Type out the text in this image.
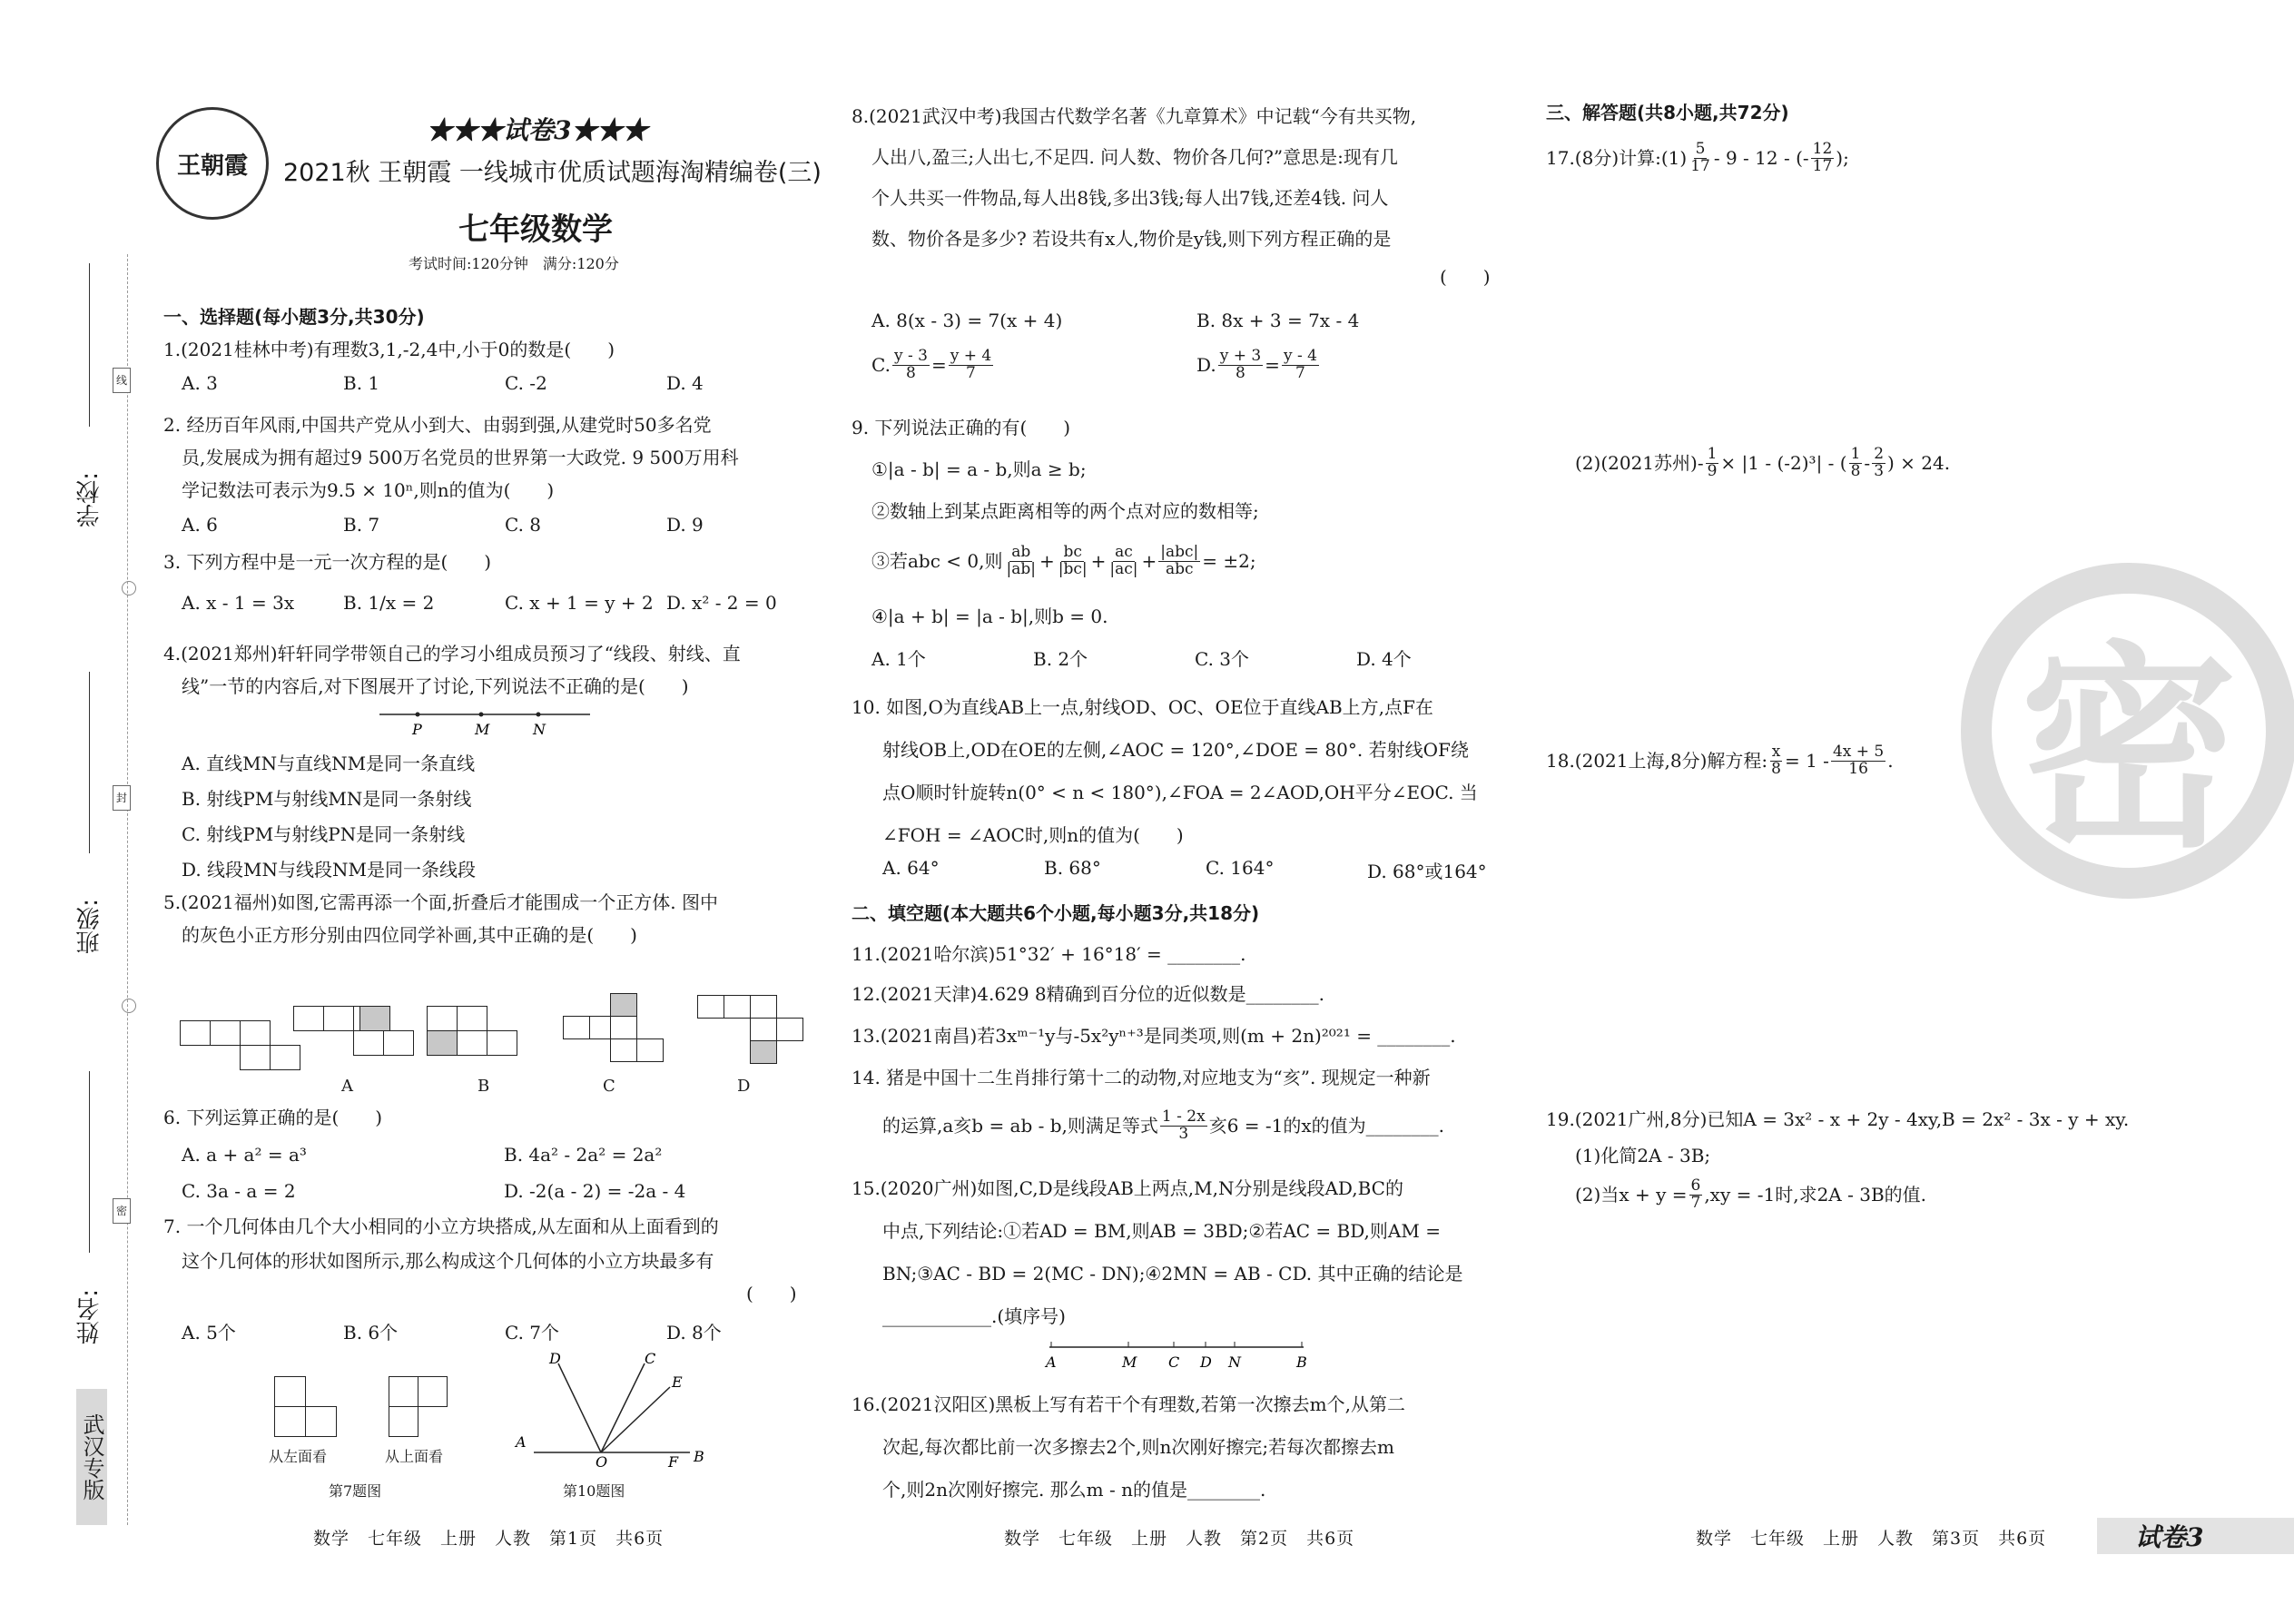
学校:
班级:
姓名:
线
封
密
武汉专版
王朝霞
★★★试卷3★★★
2021秋 王朝霞 一线城市优质试题海淘精编卷(三)
七年级数学
考试时间:120分钟　满分:120分
一、选择题(每小题3分,共30分)
1.(2021桂林中考)有理数3,1,-2,4中,小于0的数是(　　)
A. 3	B. 1	C. -2	D. 4

2. 经历百年风雨,中国共产党从小到大、由弱到强,从建党时50多名党

员,发展成为拥有超过9 500万名党员的世界第一大政党. 9 500万用科

学记数法可表示为9.5 × 10ⁿ,则n的值为(　　)

A. 6	B. 7	C. 8	D. 9
3. 下列方程中是一元一次方程的是(　　)
A. x - 1 = 3x	B. 1/x = 2	C. x + 1 = y + 2 D. x² - 2 = 0

4.(2021郑州)轩轩同学带领自己的学习小组成员预习了“线段、射线、直

线”一节的内容后,对下图展开了讨论,下列说法不正确的是(　　)

P	M	N

A. 直线MN与直线NM是同一条直线

B. 射线PM与射线MN是同一条射线

C. 射线PM与射线PN是同一条射线

D. 线段MN与线段NM是同一条线段

5.(2021福州)如图,它需再添一个面,折叠后才能围成一个正方体. 图中

的灰色小正方形分别由四位同学补画,其中正确的是(　　)

A	B	C	D
6. 下列运算正确的是(　　)

A. a + a² = a³	B. 4a² - 2a² = 2a²

C. 3a - a = 2	D. -2(a - 2) = -2a - 4

7. 一个几何体由几个大小相同的小立方块搭成,从左面和从上面看到的

这个几何体的形状如图所示,那么构成这个几何体的小立方块最多有

(　　)
A. 5个	B. 6个	C. 7个	D. 8个
从左面看	从上面看
第7题图
D	C
E
A
O	F B
第10题图
数学　七年级　上册　人教　第1页　共6页

8.(2021武汉中考)我国古代数学名著《九章算术》中记载“今有共买物,

人出八,盈三;人出七,不足四. 问人数、物价各几何?”意思是:现有几

个人共买一件物品,每人出8钱,多出3钱;每人出7钱,还差4钱. 问人

数、物价各是多少? 若设共有x人,物价是y钱,则下列方程正确的是

(　　)
A. 8(x - 3) = 7(x + 4)	B. 8x + 3 = 7x - 4
C. $\frac{y - 3}{8} = \frac{y + 4}{7}$	D. $\frac{y + 3}{8} = \frac{y - 4}{7}$
9. 下列说法正确的有(　　)
①|a - b| = a - b,则a ≥ b;
②数轴上到某点距离相等的两个点对应的数相等;
③若abc < 0,则 $\frac{ab}{|ab|} + \frac{bc}{|bc|} + \frac{ac}{|ac|} + \frac{\text{|abc|}}{\text{abc}} = \pm 2$;
④|a + b| = |a - b|,则b = 0.
A. 1个	B. 2个	C. 3个	D. 4个

10. 如图,O为直线AB上一点,射线OD、OC、OE位于直线AB上方,点F在

射线OB上,OD在OE的左侧,∠AOC = 120°,∠DOE = 80°. 若射线OF绕

点O顺时针旋转n(0° < n < 180°),∠FOA = 2∠AOD,OH平分∠EOC. 当

∠FOH = ∠AOC时,则n的值为(　　)

A. 64°	B. 68°	C. 164°	D. 68°或164°
二、填空题(本大题共6个小题,每小题3分,共18分)
11.(2021哈尔滨)51°32′ + 16°18′ = ________.
12.(2021天津)4.629 8精确到百分位的近似数是________.
13.(2021南昌)若3xᵐ⁻¹y与-5x²yⁿ⁺³是同类项,则(m + 2n)²⁰²¹ = ________.
14. 猪是中国十二生肖排行第十二的动物,对应地支为“亥”. 现规定一种新
的运算,a亥b = ab - b,则满足等式 $\frac{1 - 2x}{3}$ 亥6 = -1的x的值为________.

15.(2020广州)如图,C,D是线段AB上两点,M,N分别是线段AD,BC的

中点,下列结论:①若AD = BM,则AB = 3BD;②若AC = BD,则AM =

BN;③AC - BD = 2(MC - DN);④2MN = AB - CD. 其中正确的结论是

____________.(填序号)

A	M C D N	B

16.(2021汉阳区)黑板上写有若干个有理数,若第一次擦去m个,从第二

次起,每次都比前一次多擦去2个,则n次刚好擦完;若每次都擦去m

个,则2n次刚好擦完. 那么m - n的值是________.

数学　七年级　上册　人教　第2页　共6页
三、解答题(共8小题,共72分)
17.(8分)计算:(1) $\frac{5}{17} - 9 - 12$ - (- $\frac{12}{17}$ );
(2)(2021苏州)- $\frac{1}{9} \times |1 - (-2)^3|$ - ( $\frac{1}{8} - \frac{2}{3}$ ) × 24.
18.(2021上海,8分)解方程: $\frac{x}{8} = 1 - \frac{4x + 5}{16}$ .
19.(2021广州,8分)已知A = 3x² - x + 2y - 4xy,B = 2x² - 3x - y + xy.
(1)化简2A - 3B;
(2)当$x + y = \frac{6}{7} ,xy = -1$时,求2A - 3B的值.
密
数学　七年级　上册　人教　第3页　共6页	试卷3
